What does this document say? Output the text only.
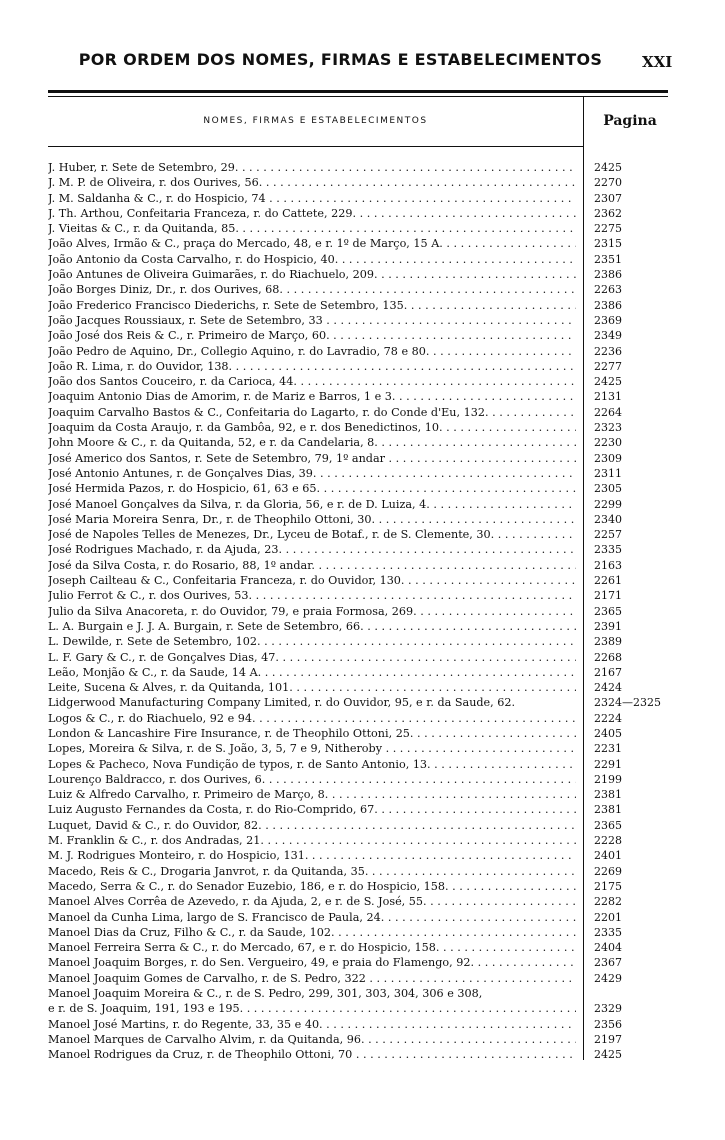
POR ORDEM DOS NOMES, FIRMAS E ESTABELECIMENTOS	XXI
NOMES, FIRMAS E ESTABELECIMENTOS	Pagina
J. Huber, r. Sete de Setembro, 29. . . .	2425
J. M. P. de Oliveira, r. dos Ourives, 56. . . .	2270
J. M. Saldanha & C., r. do Hospicio, 74 . . .	2307
J. Th. Arthou, Confeitaria Franceza, r. do Cattete, 229. . . .	2362
J. Vieitas & C., r. da Quitanda, 85. . . .	2275
João Alves, Irmão & C., praça do Mercado, 48, e r. 1º de Março, 15 A. . . .	2315
João Antonio da Costa Carvalho, r. do Hospicio, 40. . . .	2351
João Antunes de Oliveira Guimarães, r. do Riachuelo, 209. . . .	2386
João Borges Diniz, Dr., r. dos Ourives, 68. . . .	2263
João Frederico Francisco Diederichs, r. Sete de Setembro, 135. . . .	2386
João Jacques Roussiaux, r. Sete de Setembro, 33 . . .	2369
João José dos Reis & C., r. Primeiro de Março, 60. . . .	2349
João Pedro de Aquino, Dr., Collegio Aquino, r. do Lavradio, 78 e 80. . . .	2236
João R. Lima, r. do Ouvidor, 138. . . .	2277
João dos Santos Couceiro, r. da Carioca, 44. . . .	2425
Joaquim Antonio Dias de Amorim, r. de Mariz e Barros, 1 e 3. . . .	2131
Joaquim Carvalho Bastos & C., Confeitaria do Lagarto, r. do Conde d'Eu, 132. . . .	2264
Joaquim da Costa Araujo, r. da Gambôa, 92, e r. dos Benedictinos, 10. . . .	2323
John Moore & C., r. da Quitanda, 52, e r. da Candelaria, 8. . . .	2230
José Americo dos Santos, r. Sete de Setembro, 79, 1º andar . . .	2309
José Antonio Antunes, r. de Gonçalves Dias, 39. . . .	2311
José Hermida Pazos, r. do Hospicio, 61, 63 e 65. . . .	2305
José Manoel Gonçalves da Silva, r. da Gloria, 56, e r. de D. Luiza, 4. . . .	2299
José Maria Moreira Senra, Dr., r. de Theophilo Ottoni, 30. . . .	2340
José de Napoles Telles de Menezes, Dr., Lyceu de Botaf., r. de S. Clemente, 30. . . .	2257
José Rodrigues Machado, r. da Ajuda, 23. . . .	2335
José da Silva Costa, r. do Rosario, 88, 1º andar. . . .	2163
Joseph Cailteau & C., Confeitaria Franceza, r. do Ouvidor, 130. . . .	2261
Julio Ferrot & C., r. dos Ourives, 53. . . .	2171
Julio da Silva Anacoreta, r. do Ouvidor, 79, e praia Formosa, 269. . . .	2365
L. A. Burgain e J. J. A. Burgain, r. Sete de Setembro, 66. . . .	2391
L. Dewilde, r. Sete de Setembro, 102. . . .	2389
L. F. Gary & C., r. de Gonçalves Dias, 47. . . .	2268
Leão, Monjão & C., r. da Saude, 14 A. . . .	2167
Leite, Sucena & Alves, r. da Quitanda, 101. . . .	2424
Lidgerwood Manufacturing Company Limited, r. do Ouvidor, 95, e r. da Saude, 62.	2324—2325
Logos & C., r. do Riachuelo, 92 e 94. . . .	2224
London & Lancashire Fire Insurance, r. de Theophilo Ottoni, 25. . . .	2405
Lopes, Moreira & Silva, r. de S. João, 3, 5, 7 e 9, Nitheroby . . .	2231
Lopes & Pacheco, Nova Fundição de typos, r. de Santo Antonio, 13. . . .	2291
Lourenço Baldracco, r. dos Ourives, 6. . . .	2199
Luiz & Alfredo Carvalho, r. Primeiro de Março, 8. . . .	2381
Luiz Augusto Fernandes da Costa, r. do Rio-Comprido, 67. . . .	2381
Luquet, David & C., r. do Ouvidor, 82. . . .	2365
M. Franklin & C., r. dos Andradas, 21. . . .	2228
M. J. Rodrigues Monteiro, r. do Hospicio, 131. . . .	2401
Macedo, Reis & C., Drogaria Janvrot, r. da Quitanda, 35. . . .	2269
Macedo, Serra & C., r. do Senador Euzebio, 186, e r. do Hospicio, 158. . . .	2175
Manoel Alves Corrêa de Azevedo, r. da Ajuda, 2, e r. de S. José, 55. . . .	2282
Manoel da Cunha Lima, largo de S. Francisco de Paula, 24. . . .	2201
Manoel Dias da Cruz, Filho & C., r. da Saude, 102. . . .	2335
Manoel Ferreira Serra & C., r. do Mercado, 67, e r. do Hospicio, 158. . . .	2404
Manoel Joaquim Borges, r. do Sen. Vergueiro, 49, e praia do Flamengo, 92. . . .	2367
Manoel Joaquim Gomes de Carvalho, r. de S. Pedro, 322 . . .	2429
Manoel Joaquim Moreira & C., r. de S. Pedro, 299, 301, 303, 304, 306 e 308,
e r. de S. Joaquim, 191, 193 e 195. . . .	2329
Manoel José Martins, r. do Regente, 33, 35 e 40. . . .	2356
Manoel Marques de Carvalho Alvim, r. da Quitanda, 96. . . .	2197
Manoel Rodrigues da Cruz, r. de Theophilo Ottoni, 70 . . .	2425
